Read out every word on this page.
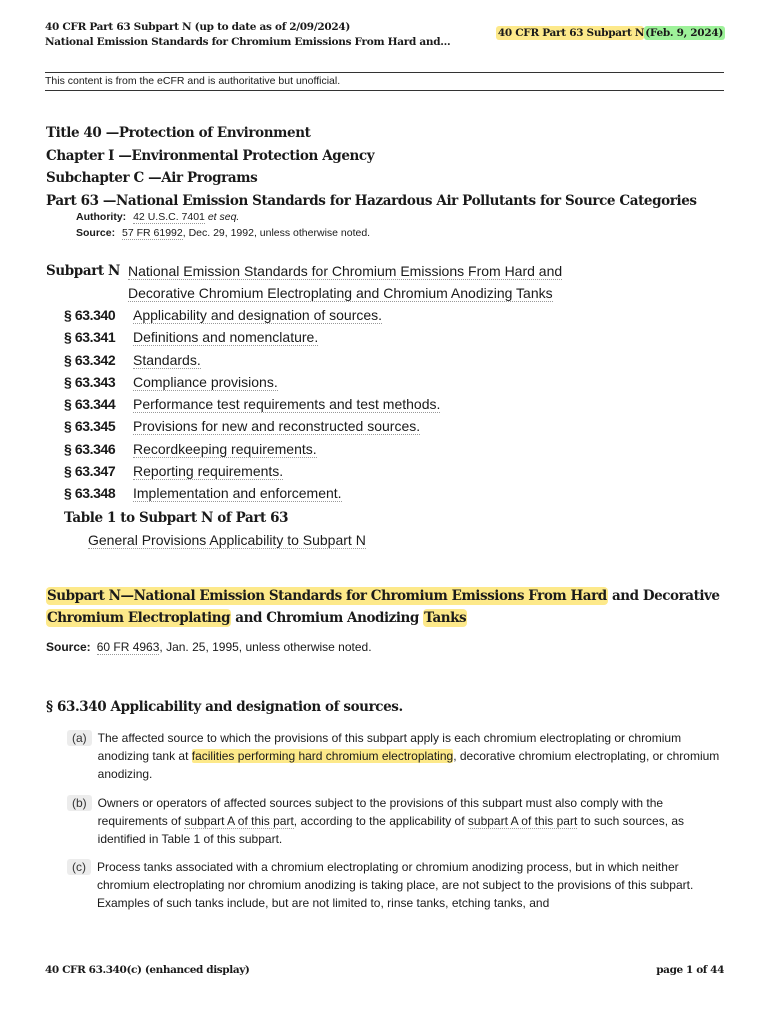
40 CFR Part 63 Subpart N (up to date as of 2/09/2024)
National Emission Standards for Chromium Emissions From Hard and...
40 CFR Part 63 Subpart N(Feb. 9, 2024)
This content is from the eCFR and is authoritative but unofficial.
Title 40 —Protection of Environment
Chapter I —Environmental Protection Agency
Subchapter C —Air Programs
Part 63 —National Emission Standards for Hazardous Air Pollutants for Source Categories
Authority: 42 U.S.C. 7401 et seq.
Source: 57 FR 61992, Dec. 29, 1992, unless otherwise noted.
Subpart N National Emission Standards for Chromium Emissions From Hard and
Decorative Chromium Electroplating and Chromium Anodizing Tanks
§ 63.340	Applicability and designation of sources.
§ 63.341	Definitions and nomenclature.
§ 63.342	Standards.
§ 63.343	Compliance provisions.
§ 63.344	Performance test requirements and test methods.
§ 63.345	Provisions for new and reconstructed sources.
§ 63.346	Recordkeeping requirements.
§ 63.347	Reporting requirements.
§ 63.348	Implementation and enforcement.
Table 1 to Subpart N of Part 63
General Provisions Applicability to Subpart N
Subpart N—National Emission Standards for Chromium Emissions From Hard and Decorative Chromium Electroplating and Chromium Anodizing Tanks
Source: 60 FR 4963, Jan. 25, 1995, unless otherwise noted.
§ 63.340 Applicability and designation of sources.
(a) The affected source to which the provisions of this subpart apply is each chromium electroplating or chromium anodizing tank at facilities performing hard chromium electroplating, decorative chromium electroplating, or chromium anodizing.
(b) Owners or operators of affected sources subject to the provisions of this subpart must also comply with the requirements of subpart A of this part, according to the applicability of subpart A of this part to such sources, as identified in Table 1 of this subpart.
(c) Process tanks associated with a chromium electroplating or chromium anodizing process, but in which neither chromium electroplating nor chromium anodizing is taking place, are not subject to the provisions of this subpart. Examples of such tanks include, but are not limited to, rinse tanks, etching tanks, and
40 CFR 63.340(c) (enhanced display)	page 1 of 44
